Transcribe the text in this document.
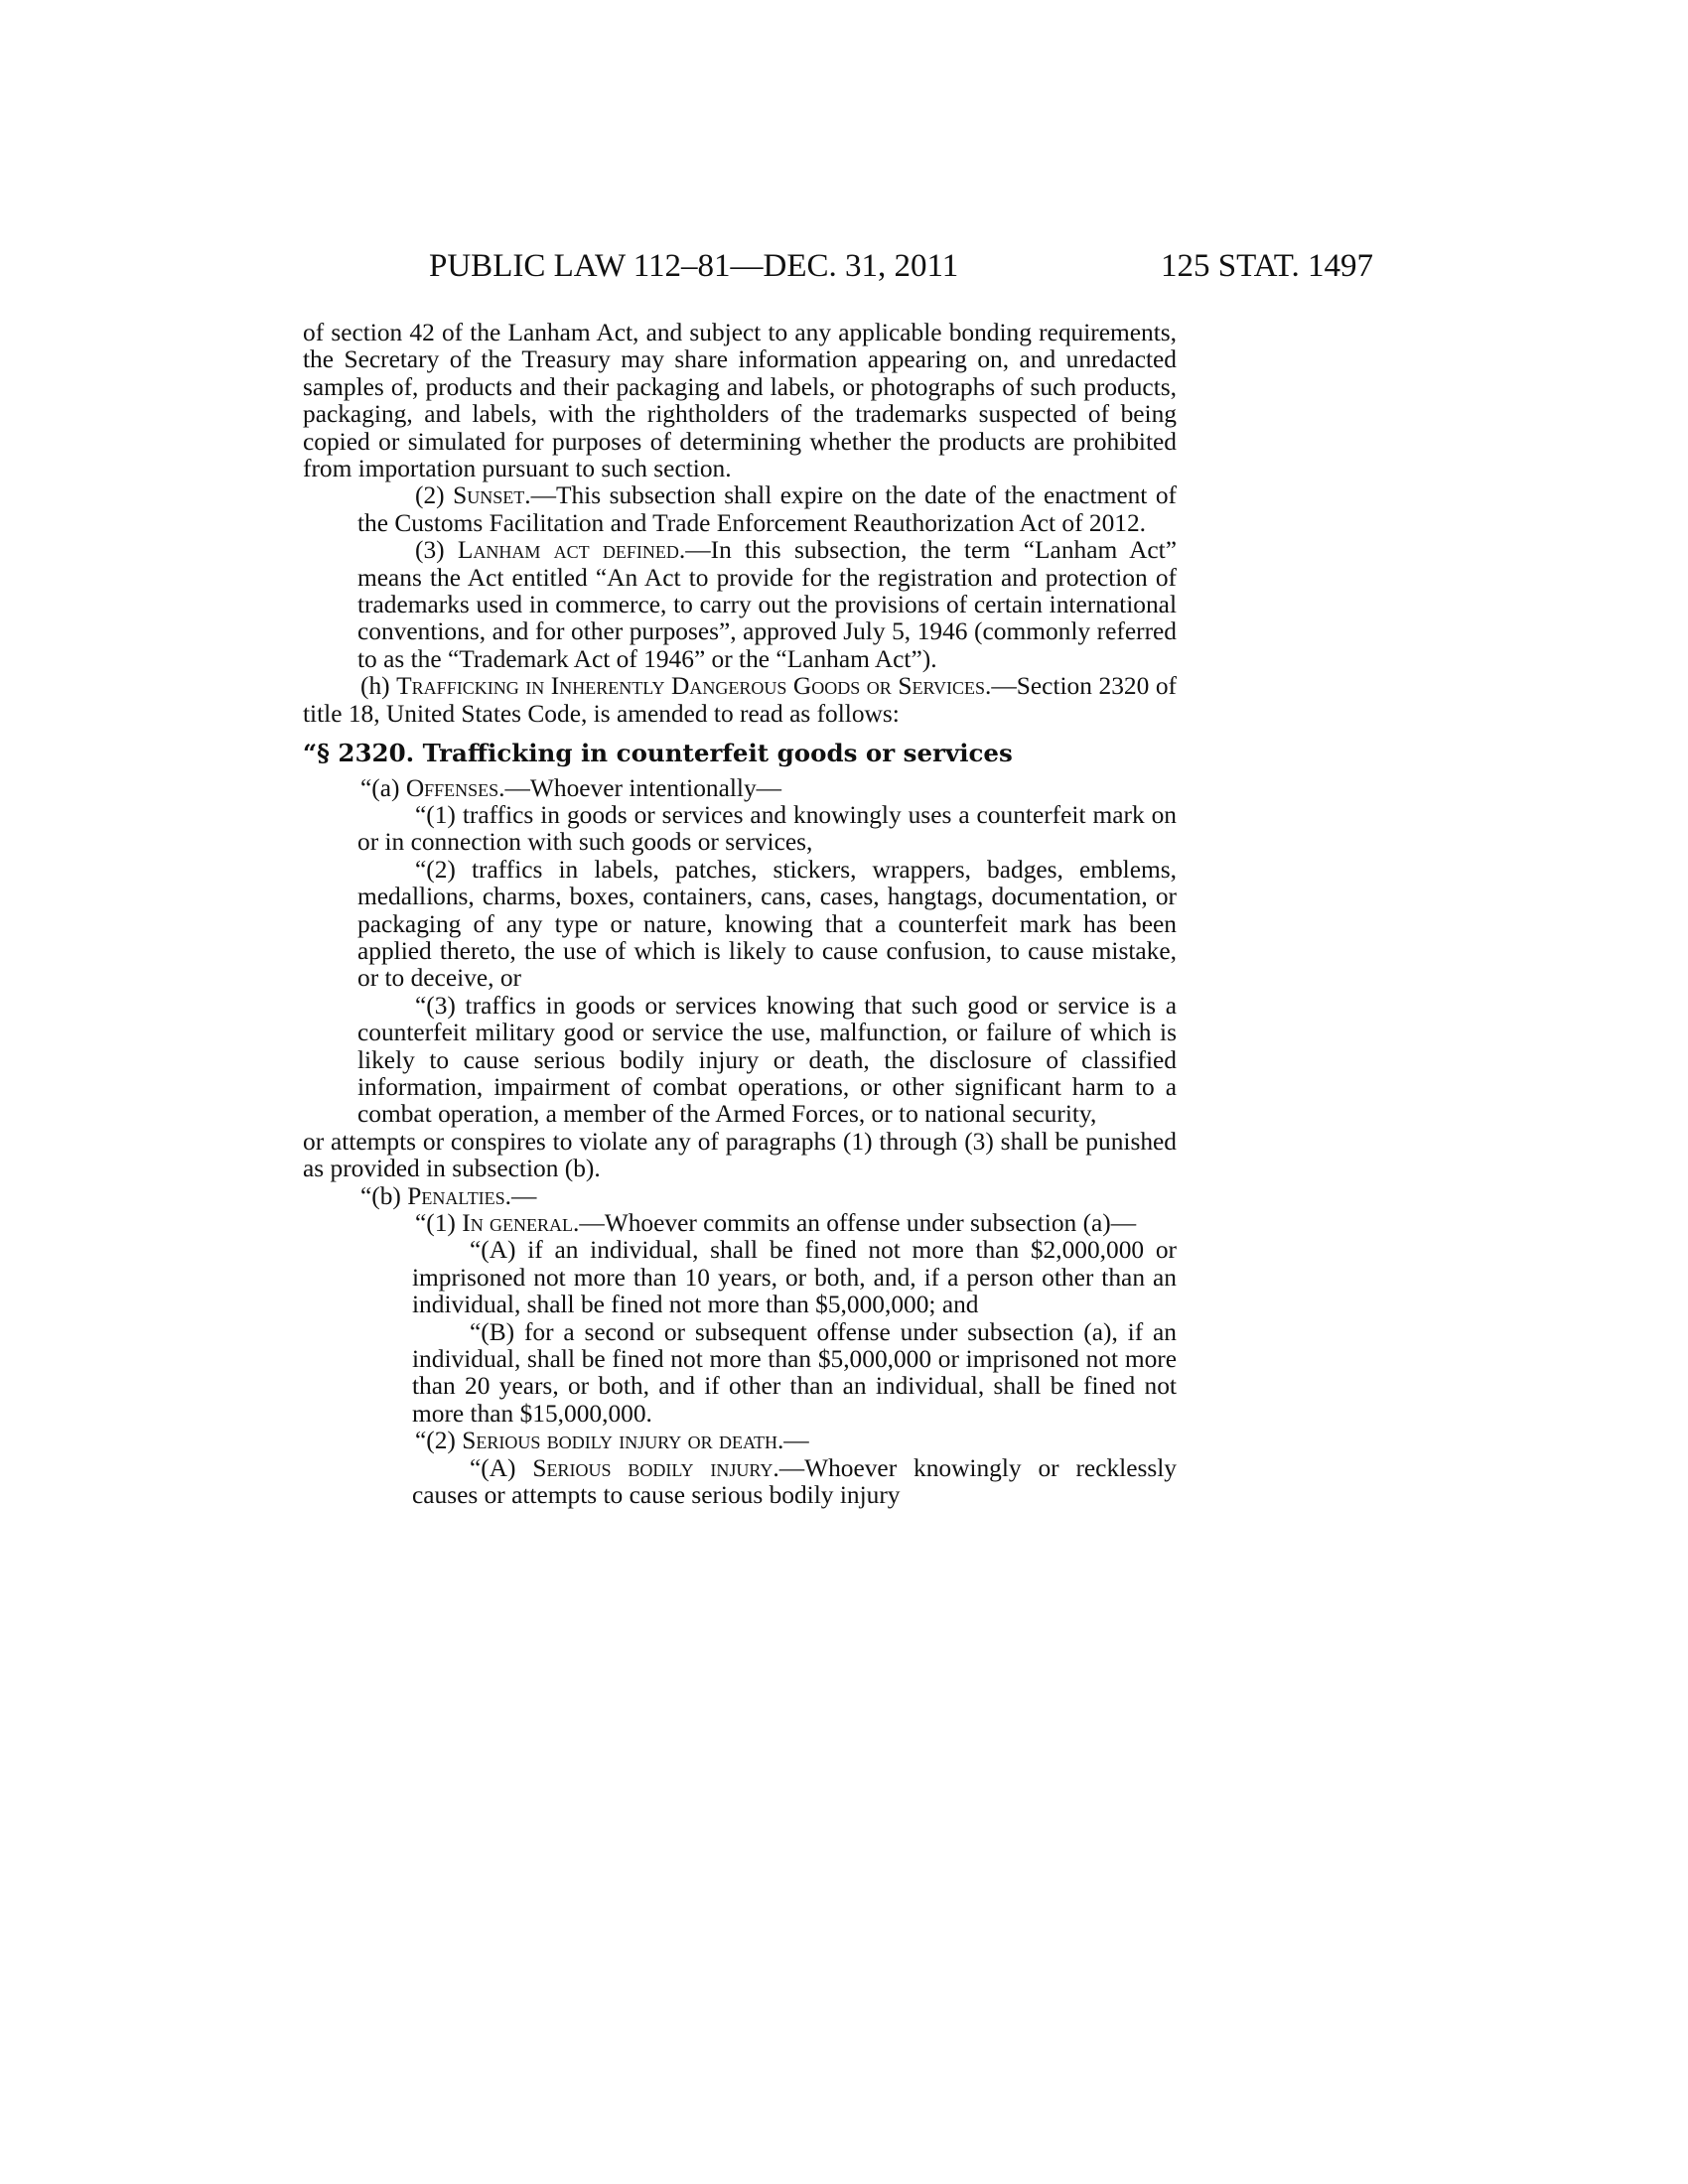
PUBLIC LAW 112–81—DEC. 31, 2011	125 STAT. 1497

of section 42 of the Lanham Act, and subject to any applicable bonding requirements, the Secretary of the Treasury may share information appearing on, and unredacted samples of, products and their packaging and labels, or photographs of such products, packaging, and labels, with the rightholders of the trademarks suspected of being copied or simulated for purposes of determining whether the products are prohibited from importation pursuant to such section.

(2) Sunset.—This subsection shall expire on the date of the enactment of the Customs Facilitation and Trade Enforcement Reauthorization Act of 2012.

(3) Lanham act defined.—In this subsection, the term “Lanham Act” means the Act entitled “An Act to provide for the registration and protection of trademarks used in commerce, to carry out the provisions of certain international conventions, and for other purposes”, approved July 5, 1946 (commonly referred to as the “Trademark Act of 1946” or the “Lanham Act”).

(h) Trafficking in Inherently Dangerous Goods or Services.—Section 2320 of title 18, United States Code, is amended to read as follows:

“§ 2320. Trafficking in counterfeit goods or services

“(a) Offenses.—Whoever intentionally—

“(1) traffics in goods or services and knowingly uses a counterfeit mark on or in connection with such goods or services,

“(2) traffics in labels, patches, stickers, wrappers, badges, emblems, medallions, charms, boxes, containers, cans, cases, hangtags, documentation, or packaging of any type or nature, knowing that a counterfeit mark has been applied thereto, the use of which is likely to cause confusion, to cause mistake, or to deceive, or

“(3) traffics in goods or services knowing that such good or service is a counterfeit military good or service the use, malfunction, or failure of which is likely to cause serious bodily injury or death, the disclosure of classified information, impairment of combat operations, or other significant harm to a combat operation, a member of the Armed Forces, or to national security,

or attempts or conspires to violate any of paragraphs (1) through (3) shall be punished as provided in subsection (b).

“(b) Penalties.—

“(1) In general.—Whoever commits an offense under subsection (a)—

“(A) if an individual, shall be fined not more than $2,000,000 or imprisoned not more than 10 years, or both, and, if a person other than an individual, shall be fined not more than $5,000,000; and

“(B) for a second or subsequent offense under subsection (a), if an individual, shall be fined not more than $5,000,000 or imprisoned not more than 20 years, or both, and if other than an individual, shall be fined not more than $15,000,000.

“(2) Serious bodily injury or death.—

“(A) Serious bodily injury.—Whoever knowingly or recklessly causes or attempts to cause serious bodily injury
